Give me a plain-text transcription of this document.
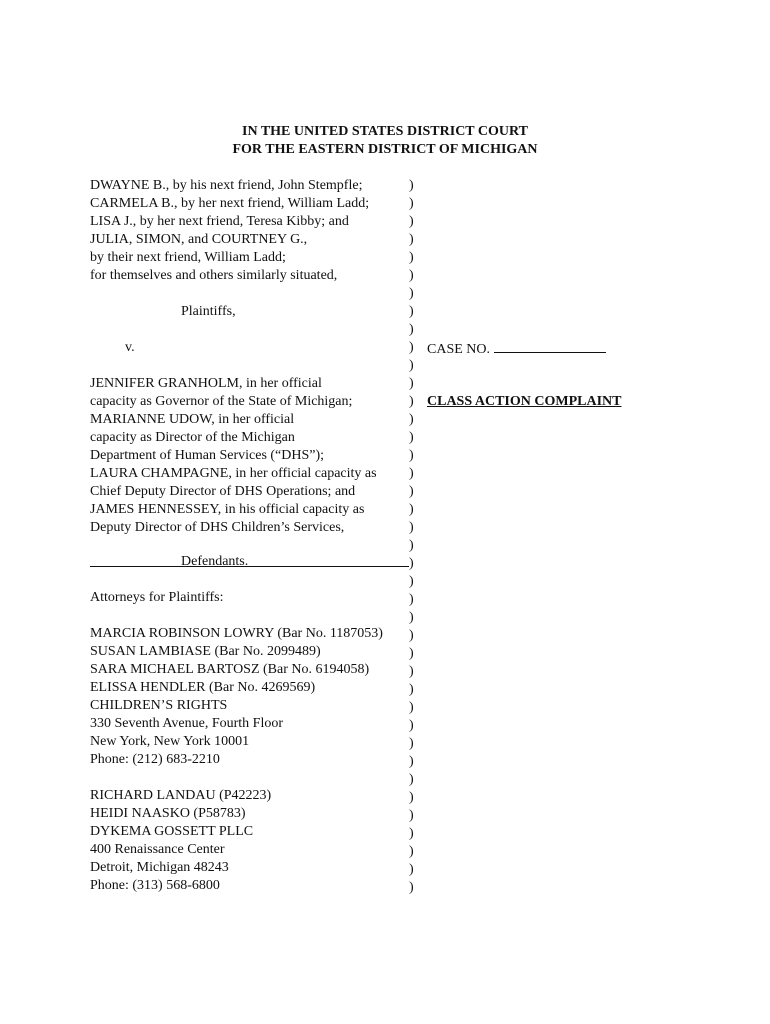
IN THE UNITED STATES DISTRICT COURT
FOR THE EASTERN DISTRICT OF MICHIGAN
DWAYNE B., by his next friend, John Stempfle;
CARMELA B., by her next friend, William Ladd;
LISA J., by her next friend, Teresa Kibby; and
JULIA, SIMON, and COURTNEY G.,
by their next friend, William Ladd;
for themselves and others similarly situated,
Plaintiffs,
v.	CASE NO.
CLASS ACTION COMPLAINT
JENNIFER GRANHOLM, in her official
capacity as Governor of the State of Michigan;
MARIANNE UDOW, in her official
capacity as Director of the Michigan
Department of Human Services (“DHS”);
LAURA CHAMPAGNE, in her official capacity as
Chief Deputy Director of DHS Operations; and
JAMES HENNESSEY, in his official capacity as
Deputy Director of DHS Children’s Services,
Defendants.
Attorneys for Plaintiffs:
MARCIA ROBINSON LOWRY (Bar No. 1187053)
SUSAN LAMBIASE (Bar No. 2099489)
SARA MICHAEL BARTOSZ (Bar No. 6194058)
ELISSA HENDLER (Bar No. 4269569)
CHILDREN’S RIGHTS
330 Seventh Avenue, Fourth Floor
New York, New York 10001
Phone: (212) 683-2210
RICHARD LANDAU (P42223)
HEIDI NAASKO (P58783)
DYKEMA GOSSETT PLLC
400 Renaissance Center
Detroit, Michigan 48243
Phone: (313) 568-6800
)
)
)
)
)
)
)
)
)
)
)
)
)
)
)
)
)
)
)
)
)
)
)
)
)
)
)
)
)
)
)
)
)
)
)
)
)
)
)
)
